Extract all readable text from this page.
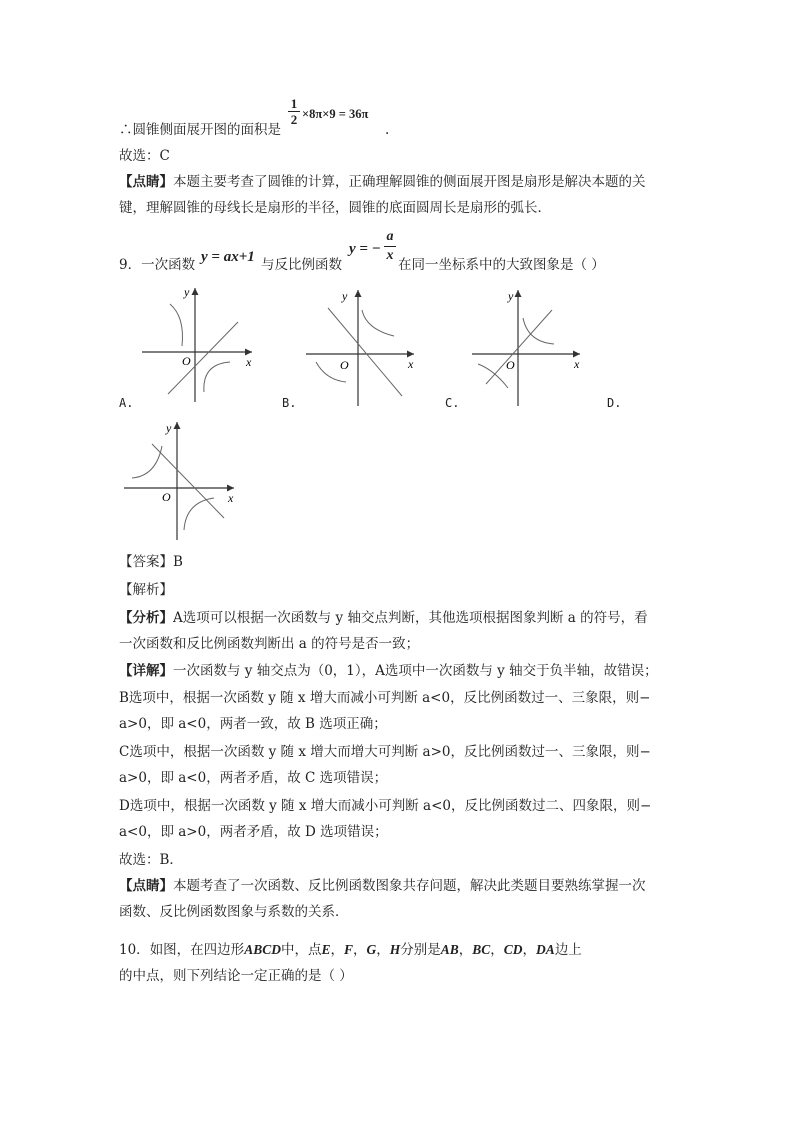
$\frac{1}{2}$
∴圆锥侧面展开图的面积是
×8π×9 = 36π
.
故选：C
【点睛】本题主要考查了圆锥的计算，正确理解圆锥的侧面展开图是扇形是解决本题的关
键，理解圆锥的母线长是扇形的半径，圆锥的底面圆周长是扇形的弧长．
9．一次函数 y = ax+1 与反比例函数
y = − $\frac{a}{x}$ 在同一坐标系中的大致图象是（ ）
y
x
O
A.
y
x
O
B.
y
x
O
C.	D.
y
x
O
【答案】B
【解析】
【分析】A选项可以根据一次函数与 y 轴交点判断，其他选项根据图象判断 a 的符号，看
一次函数和反比例函数判断出 a 的符号是否一致；
【详解】一次函数与 y 轴交点为（0，1），A选项中一次函数与 y 轴交于负半轴，故错误；
B选项中，根据一次函数 y 随 x 增大而减小可判断 a<0，反比例函数过一、三象限，则−
a>0，即 a<0，两者一致，故 B 选项正确；
C选项中，根据一次函数 y 随 x 增大而增大可判断 a>0，反比例函数过一、三象限，则−
a>0，即 a<0，两者矛盾，故 C 选项错误；
D选项中，根据一次函数 y 随 x 增大而减小可判断 a<0，反比例函数过二、四象限，则−
a<0，即 a>0，两者矛盾，故 D 选项错误；
故选：B．
【点睛】本题考查了一次函数、反比例函数图象共存问题，解决此类题目要熟练掌握一次
函数、反比例函数图象与系数的关系．
10．如图，在四边形ABCD中，点E，F，G，H分别是AB，BC，CD，DA边上
的中点，则下列结论一定正确的是（ ）
